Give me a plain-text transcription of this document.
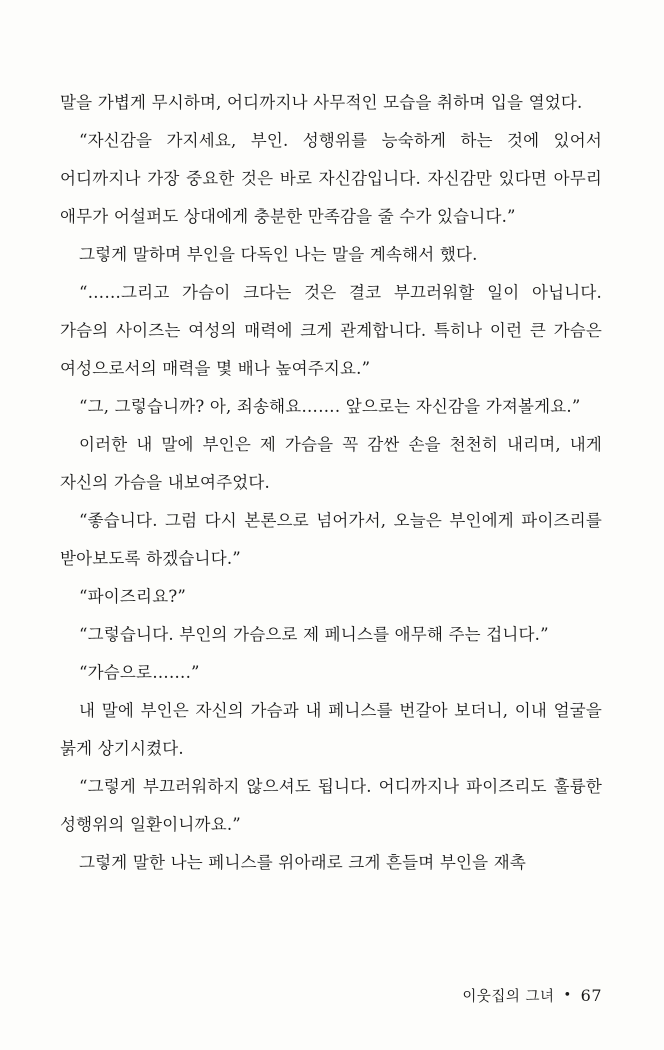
말을 가볍게 무시하며, 어디까지나 사무적인 모습을 취하며 입을 열었다.

“자신감을 가지세요, 부인. 성행위를 능숙하게 하는 것에 있어서 어디까지나 가장 중요한 것은 바로 자신감입니다. 자신감만 있다면 아무리 애무가 어설퍼도 상대에게 충분한 만족감을 줄 수가 있습니다.”

그렇게 말하며 부인을 다독인 나는 말을 계속해서 했다.

“……그리고 가슴이 크다는 것은 결코 부끄러워할 일이 아닙니다. 가슴의 사이즈는 여성의 매력에 크게 관계합니다. 특히나 이런 큰 가슴은 여성으로서의 매력을 몇 배나 높여주지요.”

“그, 그렇습니까? 아, 죄송해요……. 앞으로는 자신감을 가져볼게요.”

이러한 내 말에 부인은 제 가슴을 꼭 감싼 손을 천천히 내리며, 내게 자신의 가슴을 내보여주었다.

“좋습니다. 그럼 다시 본론으로 넘어가서, 오늘은 부인에게 파이즈리를 받아보도록 하겠습니다.”

“파이즈리요?”

“그렇습니다. 부인의 가슴으로 제 페니스를 애무해 주는 겁니다.”

“가슴으로…….”

내 말에 부인은 자신의 가슴과 내 페니스를 번갈아 보더니, 이내 얼굴을 붉게 상기시켰다.

“그렇게 부끄러워하지 않으셔도 됩니다. 어디까지나 파이즈리도 훌륭한 성행위의 일환이니까요.”

그렇게 말한 나는 페니스를 위아래로 크게 흔들며 부인을 재촉

이웃집의 그녀 • 67
